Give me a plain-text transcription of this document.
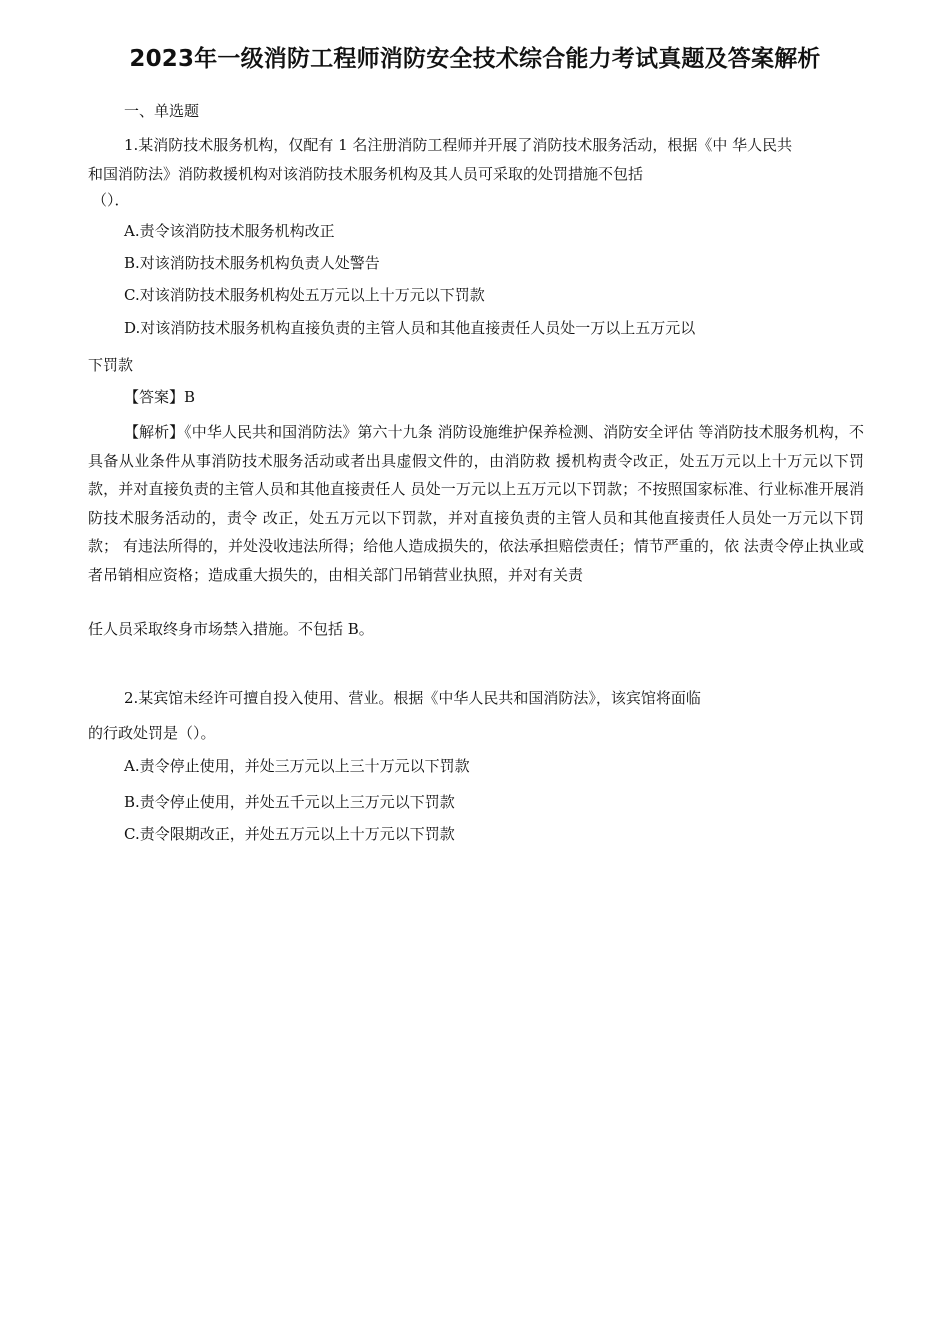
2023年一级消防工程师消防安全技术综合能力考试真题及答案解析
一、单选题
1.某消防技术服务机构，仅配有 1 名注册消防工程师并开展了消防技术服务活动，根据《中 华人民共
和国消防法》消防救援机构对该消防技术服务机构及其人员可采取的处罚措施不包括
（）．
A.责令该消防技术服务机构改正
B.对该消防技术服务机构负责人处警告
C.对该消防技术服务机构处五万元以上十万元以下罚款
D.对该消防技术服务机构直接负责的主管人员和其他直接责任人员处一万以上五万元以
下罚款
【答案】B
【解析】《中华人民共和国消防法》第六十九条 消防设施维护保养检测、消防安全评估 等消防技术服务机构，不具备从业条件从事消防技术服务活动或者出具虚假文件的，由消防救 援机构责令改正，处五万元以上十万元以下罚款，并对直接负责的主管人员和其他直接责任人 员处一万元以上五万元以下罚款；不按照国家标准、行业标准开展消防技术服务活动的，责令 改正，处五万元以下罚款，并对直接负责的主管人员和其他直接责任人员处一万元以下罚款； 有违法所得的，并处没收违法所得；给他人造成损失的，依法承担赔偿责任；情节严重的，依 法责令停止执业或者吊销相应资格；造成重大损失的，由相关部门吊销营业执照，并对有关责
任人员采取终身市场禁入措施。不包括 B。
2.某宾馆未经许可擅自投入使用、营业。根据《中华人民共和国消防法》，该宾馆将面临
的行政处罚是（）。
A.责令停止使用，并处三万元以上三十万元以下罚款
B.责令停止使用，并处五千元以上三万元以下罚款
C.责令限期改正，并处五万元以上十万元以下罚款
